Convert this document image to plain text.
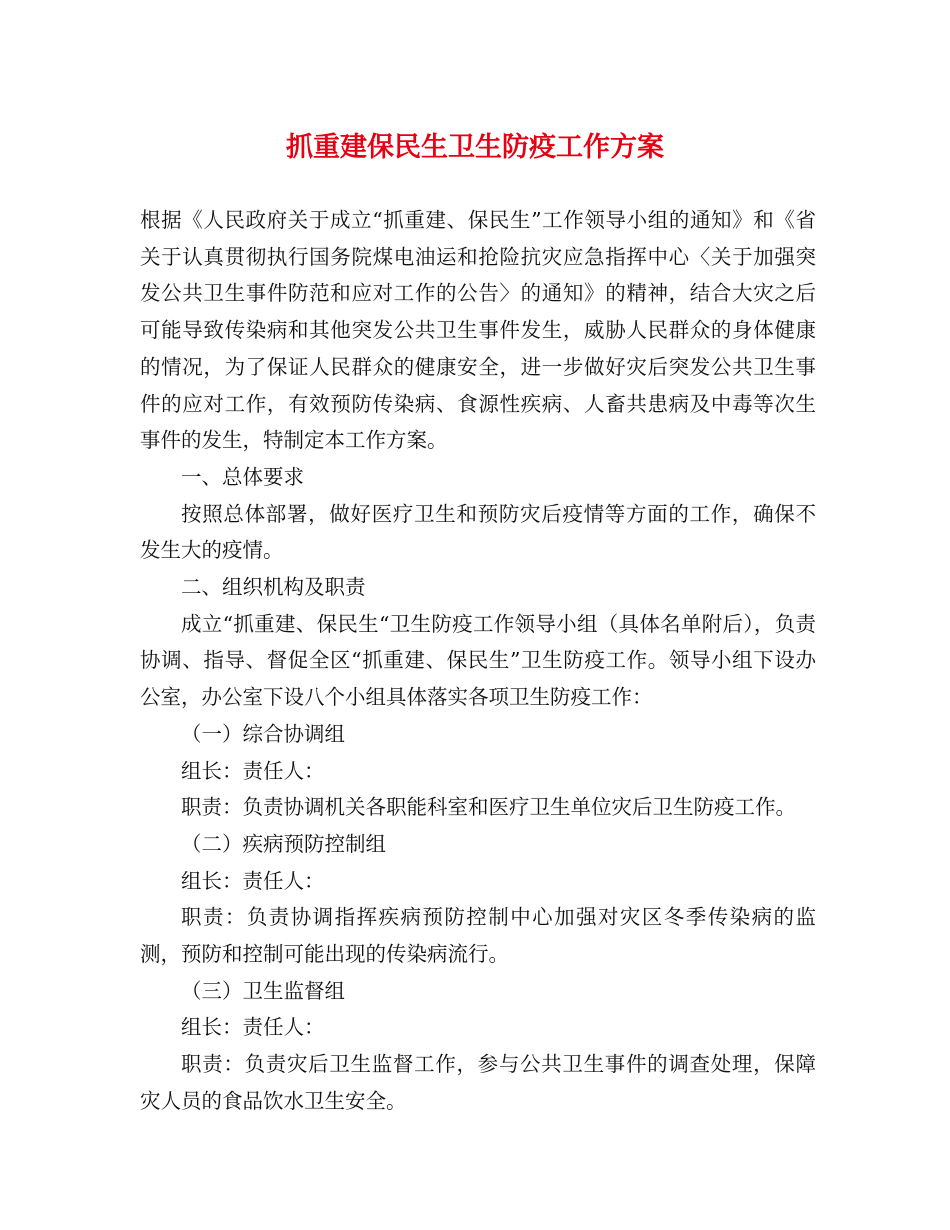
抓重建保民生卫生防疫工作方案

根据《人民政府关于成立“抓重建、保民生”工作领导小组的通知》和《省关于认真贯彻执行国务院煤电油运和抢险抗灾应急指挥中心〈关于加强突发公共卫生事件防范和应对工作的公告〉的通知》的精神，结合大灾之后可能导致传染病和其他突发公共卫生事件发生，威胁人民群众的身体健康的情况，为了保证人民群众的健康安全，进一步做好灾后突发公共卫生事件的应对工作，有效预防传染病、食源性疾病、人畜共患病及中毒等次生事件的发生，特制定本工作方案。

一、总体要求

按照总体部署，做好医疗卫生和预防灾后疫情等方面的工作，确保不发生大的疫情。

二、组织机构及职责

成立“抓重建、保民生“卫生防疫工作领导小组（具体名单附后），负责协调、指导、督促全区“抓重建、保民生”卫生防疫工作。领导小组下设办公室，办公室下设八个小组具体落实各项卫生防疫工作：

（一）综合协调组

组长：责任人：

职责：负责协调机关各职能科室和医疗卫生单位灾后卫生防疫工作。

（二）疾病预防控制组

组长：责任人：

职责：负责协调指挥疾病预防控制中心加强对灾区冬季传染病的监测，预防和控制可能出现的传染病流行。

（三）卫生监督组

组长：责任人：

职责：负责灾后卫生监督工作，参与公共卫生事件的调查处理，保障灾人员的食品饮水卫生安全。
